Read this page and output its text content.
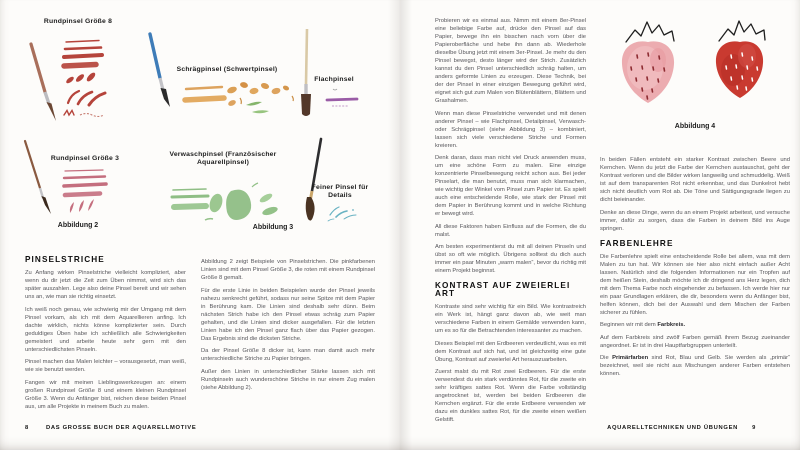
Rundpinsel Größe 8
Schrägpinsel (Schwertpinsel)
Flachpinsel
Rundpinsel Größe 3
Verwaschpinsel (Französischer Aquarellpinsel)
Feiner Pinsel für Details
Abbildung 2	Abbildung 3
PINSELSTRICHE

Zu Anfang wirken Pinselstriche vielleicht kompliziert, aber wenn du dir jetzt die Zeit zum Üben nimmst, wird sich das später auszahlen. Lege also deine Pinsel bereit und wir sehen uns an, wie man sie richtig einsetzt.

Ich weiß noch genau, wie schwierig mir der Umgang mit dem Pinsel vorkam, als ich mit dem Aquarellieren anfing. Ich dachte wirklich, nichts könne komplizierter sein. Durch geduldiges Üben habe ich schließlich alle Schwierigkeiten gemeistert und arbeite heute sehr gern mit den unterschiedlichsten Pinseln.

Pinsel machen das Malen leichter – vorausgesetzt, man weiß, wie sie benutzt werden.

Fangen wir mit meinen Lieblingswerkzeugen an: einem großen Rundpinsel Größe 8 und einem kleinen Rundpinsel Größe 3. Wenn du Anfänger bist, reichen diese beiden Pinsel aus, um alle Projekte in meinem Buch zu malen.

Abbildung 2 zeigt Beispiele von Pinselstrichen. Die pinkfarbenen Linien sind mit dem Pinsel Größe 3, die roten mit einem Rundpinsel Größe 8 gemalt.

Für die erste Linie in beiden Beispielen wurde der Pinsel jeweils nahezu senkrecht geführt, sodass nur seine Spitze mit dem Papier in Berührung kam. Die Linien sind deshalb sehr dünn. Beim nächsten Strich habe ich den Pinsel etwas schräg zum Papier gehalten, und die Linien sind dicker ausgefallen. Für die letzten Linien habe ich den Pinsel ganz flach über das Papier gezogen. Das Ergebnis sind die dicksten Striche.

Da der Pinsel Größe 8 dicker ist, kann man damit auch mehr unterschiedliche Striche zu Papier bringen.

Außer den Linien in unterschiedlicher Stärke lassen sich mit Rundpinseln auch wunderschöne Striche in nur einem Zug malen (siehe Abbildung 2).

8	DAS GROSSE BUCH DER AQUARELLMOTIVE

Probieren wir es einmal aus. Nimm mit einem 8er-Pinsel eine beliebige Farbe auf, drücke den Pinsel auf das Papier, bewege ihn ein bisschen nach vorn über die Papieroberfläche und hebe ihn dann ab. Wiederhole dieselbe Übung jetzt mit einem 3er-Pinsel. Je mehr du den Pinsel bewegst, desto länger wird der Strich. Zusätzlich kannst du den Pinsel unterschiedlich schräg halten, um anders geformte Linien zu erzeugen. Diese Technik, bei der der Pinsel in einer einzigen Bewegung geführt wird, eignet sich gut zum Malen von Blütenblättern, Blättern und Grashalmen.

Wenn man diese Pinselstriche verwendet und mit denen anderer Pinsel – wie Flachpinsel, Detailpinsel, Verwasch- oder Schrägpinsel (siehe Abbildung 3) – kombiniert, lassen sich viele verschiedene Striche und Formen kreieren.

Denk daran, dass man nicht viel Druck anwenden muss, um eine schöne Form zu malen. Eine einzige konzentrierte Pinselbewegung reicht schon aus. Bei jeder Pinselart, die man benutzt, muss man sich klarmachen, wie wichtig der Winkel vom Pinsel zum Papier ist. Es spielt auch eine entscheidende Rolle, wie stark der Pinsel mit dem Papier in Berührung kommt und in welche Richtung er bewegt wird.

All diese Faktoren haben Einfluss auf die Formen, die du malst.

Am besten experimentierst du mit all deinen Pinseln und übst so oft wie möglich. Übrigens solltest du dich auch immer ein paar Minuten „warm malen“, bevor du richtig mit einem Projekt beginnst.

KONTRAST AUF ZWEIERLEI ART

Kontraste sind sehr wichtig für ein Bild. Wie kontrastreich ein Werk ist, hängt ganz davon ab, wie weit man verschiedene Farben in einem Gemälde verwenden kann, um es so für die Betrachtenden interessanter zu machen.

Dieses Beispiel mit den Erdbeeren verdeutlicht, was es mit dem Kontrast auf sich hat, und ist gleichzeitig eine gute Übung, Kontrast auf zweierlei Art herauszuarbeiten.

Zuerst malst du mit Rot zwei Erdbeeren. Für die erste verwendest du ein stark verdünntes Rot, für die zweite ein sehr kräftiges sattes Rot. Wenn die Farbe vollständig angetrocknet ist, werden bei beiden Erdbeeren die Kernchen ergänzt. Für die erste Erdbeere verwenden wir dazu ein dunkles sattes Rot, für die zweite einen weißen Gelstift.

Abbildung 4

In beiden Fällen entsteht ein starker Kontrast zwischen Beere und Kernchen. Wenn du jetzt die Farbe der Kernchen austauschst, geht der Kontrast verloren und die Bilder wirken langweilig und schmuddelig. Weiß ist auf dem transparenten Rot nicht erkennbar, und das Dunkelrot hebt sich nicht deutlich vom Rot ab. Die Töne und Sättigungsgrade liegen zu dicht beieinander.

Denke an diese Dinge, wenn du an einem Projekt arbeitest, und versuche immer, dafür zu sorgen, dass die Farben in deinem Bild ins Auge springen.

FARBENLEHRE

Die Farbenlehre spielt eine entscheidende Rolle bei allem, was mit dem Malen zu tun hat. Wir können sie hier also nicht einfach außer Acht lassen. Natürlich sind die folgenden Informationen nur ein Tropfen auf dem heißen Stein, deshalb möchte ich dir dringend ans Herz legen, dich mit dem Thema Farbe noch eingehender zu befassen. Ich werde hier nur ein paar Grundlagen erklären, die dir, besonders wenn du Anfänger bist, helfen können, dich bei der Auswahl und dem Mischen der Farben sicherer zu fühlen.

Beginnen wir mit dem Farbkreis.

Auf dem Farbkreis sind zwölf Farben gemäß ihrem Bezug zueinander angeordnet. Er ist in drei Hauptfarbgruppen unterteilt.

Die Primärfarben sind Rot, Blau und Gelb. Sie werden als „primär“ bezeichnet, weil sie nicht aus Mischungen anderer Farben entstehen können.

AQUARELLTECHNIKEN UND ÜBUNGEN 9
